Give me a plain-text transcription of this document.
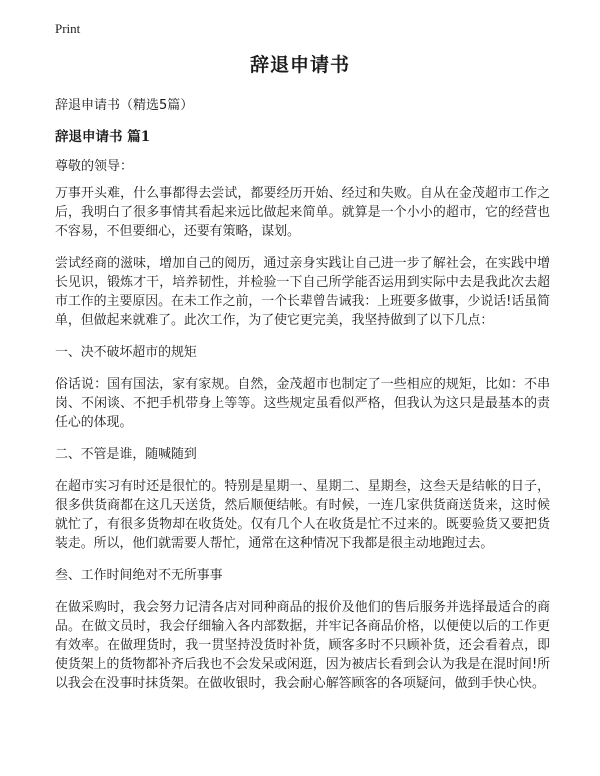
Print
辞退申请书
辞退申请书（精选5篇）
辞退申请书 篇1
尊敬的领导：

万事开头难，什么事都得去尝试，都要经历开始、经过和失败。自从在金茂超市工作之后，我明白了很多事情其看起来远比做起来简单。就算是一个小小的超市，它的经营也不容易，不但要细心，还要有策略，谋划。

尝试经商的滋味，增加自己的阅历，通过亲身实践让自己进一步了解社会，在实践中增长见识，锻炼才干，培养韧性，并检验一下自己所学能否运用到实际中去是我此次去超市工作的主要原因。在未工作之前，一个长辈曾告诫我：上班要多做事，少说话!话虽简单，但做起来就难了。此次工作，为了使它更完美，我坚持做到了以下几点：

一、决不破坏超市的规矩

俗话说：国有国法，家有家规。自然，金茂超市也制定了一些相应的规矩，比如：不串岗、不闲谈、不把手机带身上等等。这些规定虽看似严格，但我认为这只是最基本的责任心的体现。

二、不管是谁，随喊随到

在超市实习有时还是很忙的。特别是星期一、星期二、星期叁，这叁天是结帐的日子，很多供货商都在这几天送货，然后顺便结帐。有时候，一连几家供货商送货来，这时候就忙了，有很多货物却在收货处。仅有几个人在收货是忙不过来的。既要验货又要把货装走。所以，他们就需要人帮忙，通常在这种情况下我都是很主动地跑过去。

叁、工作时间绝对不无所事事

在做采购时，我会努力记清各店对同种商品的报价及他们的售后服务并选择最适合的商品。在做文员时，我会仔细输入各内部数据，并牢记各商品价格，以便使以后的工作更有效率。在做理货时，我一贯坚持没货时补货，顾客多时不只顾补货，还会看着点，即使货架上的货物都补齐后我也不会发呆或闲逛，因为被店长看到会认为我是在混时间!所以我会在没事时抹货架。在做收银时，我会耐心解答顾客的各项疑问，做到手快心快。
